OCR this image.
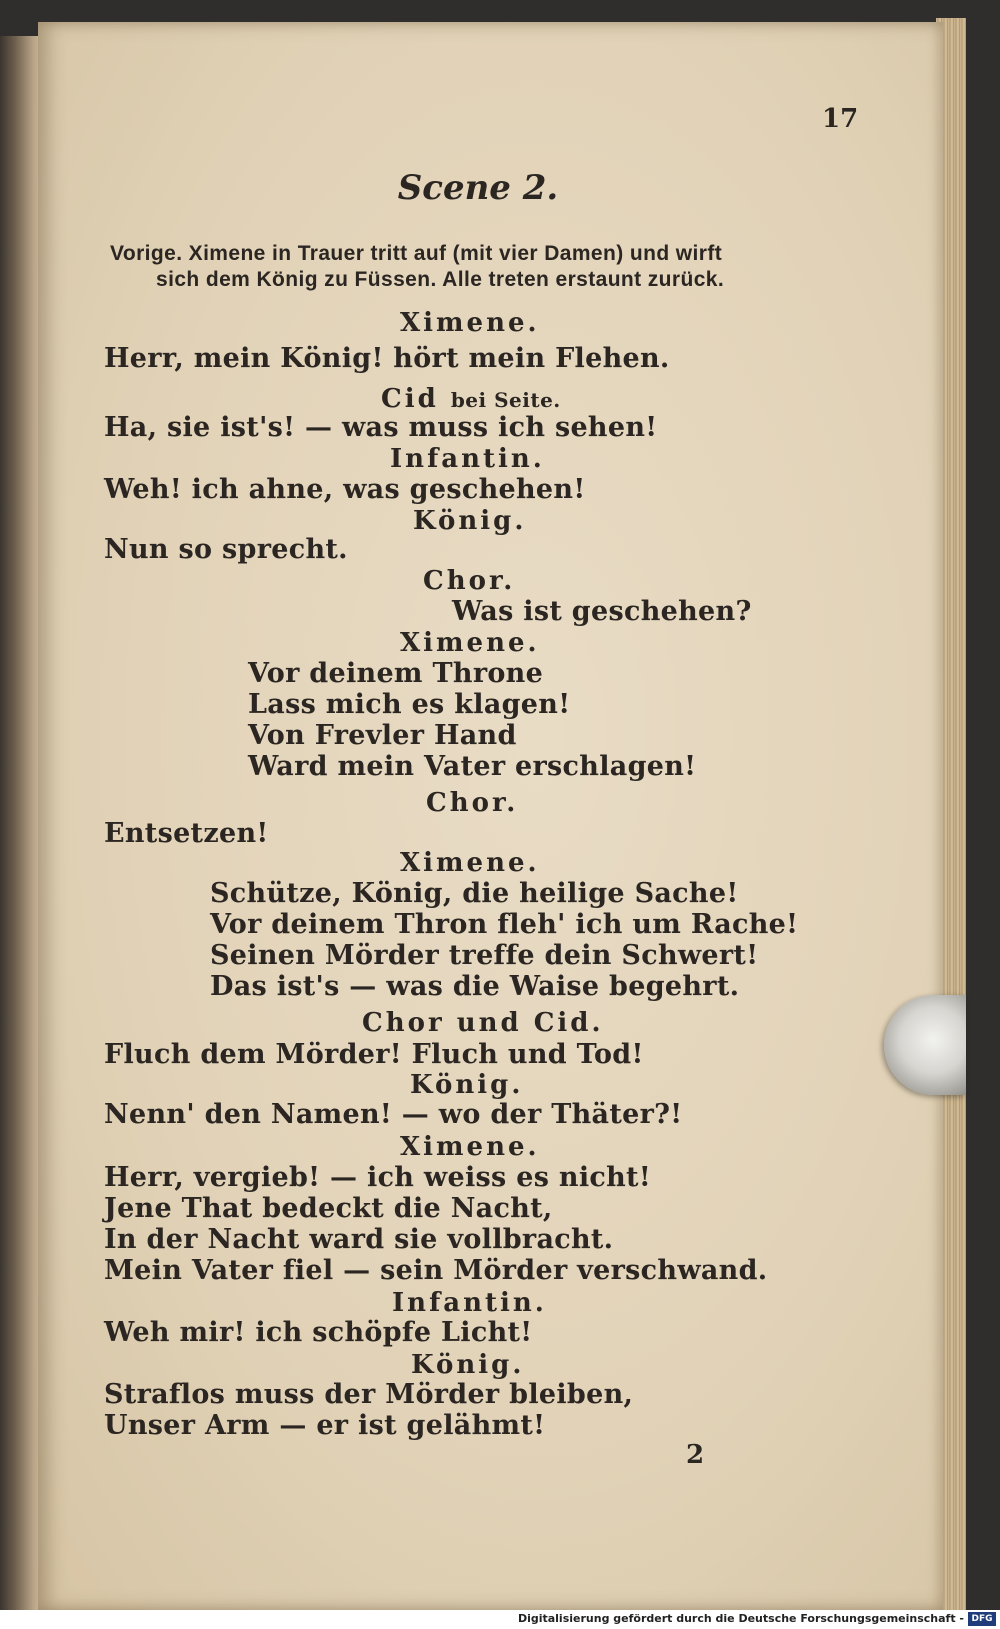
17
Scene 2.
Vorige. Ximene in Trauer tritt auf (mit vier Damen) und wirft
sich dem König zu Füssen. Alle treten erstaunt zurück.
Ximene.
Herr, mein König! hört mein Flehen.
Cid bei Seite.
Ha, sie ist's! — was muss ich sehen!
Infantin.
Weh! ich ahne, was geschehen!
König.
Nun so sprecht.
Chor.
Was ist geschehen?
Ximene.
Vor deinem Throne
Lass mich es klagen!
Von Frevler Hand
Ward mein Vater erschlagen!
Chor.
Entsetzen!
Ximene.
Schütze, König, die heilige Sache!
Vor deinem Thron fleh' ich um Rache!
Seinen Mörder treffe dein Schwert!
Das ist's — was die Waise begehrt.
Chor und Cid.
Fluch dem Mörder! Fluch und Tod!
König.
Nenn' den Namen! — wo der Thäter?!
Ximene.
Herr, vergieb! — ich weiss es nicht!
Jene That bedeckt die Nacht,
In der Nacht ward sie vollbracht.
Mein Vater fiel — sein Mörder verschwand.
Infantin.
Weh mir! ich schöpfe Licht!
König.
Straflos muss der Mörder bleiben,
Unser Arm — er ist gelähmt!
2
Digitalisierung gefördert durch die Deutsche Forschungsgemeinschaft - DFG
